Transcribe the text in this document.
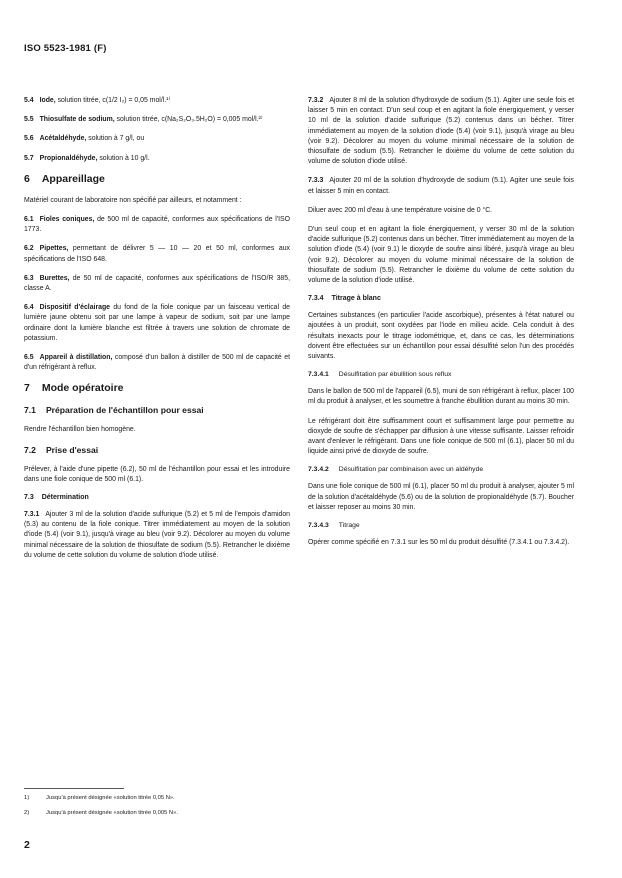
ISO 5523-1981 (F)

5.4 Iode, solution titrée, c(1/2 I₂) = 0,05 mol/l.¹⁾

5.5 Thiosulfate de sodium, solution titrée, c(Na₂S₂O₃.5H₂O) = 0,005 mol/l.²⁾

5.6 Acétaldéhyde, solution à 7 g/l, ou

5.7 Propionaldéhyde, solution à 10 g/l.

6 Appareillage

Matériel courant de laboratoire non spécifié par ailleurs, et notamment :

6.1 Fioles coniques, de 500 ml de capacité, conformes aux spécifications de l'ISO 1773.

6.2 Pipettes, permettant de délivrer 5 — 10 — 20 et 50 ml, conformes aux spécifications de l'ISO 648.

6.3 Burettes, de 50 ml de capacité, conformes aux spécifications de l'ISO/R 385, classe A.

6.4 Dispositif d'éclairage du fond de la fiole conique par un faisceau vertical de lumière jaune obtenu soit par une lampe à vapeur de sodium, soit par une lampe ordinaire dont la lumière blanche est filtrée à travers une solution de chromate de potassium.

6.5 Appareil à distillation, composé d'un ballon à distiller de 500 ml de capacité et d'un réfrigérant à reflux.

7 Mode opératoire
7.1 Préparation de l'échantillon pour essai

Rendre l'échantillon bien homogène.

7.2 Prise d'essai

Prélever, à l'aide d'une pipette (6.2), 50 ml de l'échantillon pour essai et les introduire dans une fiole conique de 500 ml (6.1).

7.3 Détermination

7.3.1 Ajouter 3 ml de la solution d'acide sulfurique (5.2) et 5 ml de l'empois d'amidon (5.3) au contenu de la fiole conique. Titrer immédiatement au moyen de la solution d'iode (5.4) (voir 9.1), jusqu'à virage au bleu (voir 9.2). Décolorer au moyen du volume minimal nécessaire de la solution de thiosulfate de sodium (5.5). Retrancher le dixième du volume de cette solution du volume de solution d'iode utilisé.

7.3.2 Ajouter 8 ml de la solution d'hydroxyde de sodium (5.1). Agiter une seule fois et laisser 5 min en contact. D'un seul coup et en agitant la fiole énergiquement, y verser 10 ml de la solution d'acide sulfurique (5.2) contenus dans un bécher. Titrer immédiatement au moyen de la solution d'iode (5.4) (voir 9.1), jusqu'à virage au bleu (voir 9.2). Décolorer au moyen du volume minimal nécessaire de la solution de thiosulfate de sodium (5.5). Retrancher le dixième du volume de cette solution du volume de solution d'iode utilisé.

7.3.3 Ajouter 20 ml de la solution d'hydroxyde de sodium (5.1). Agiter une seule fois et laisser 5 min en contact.

Diluer avec 200 ml d'eau à une température voisine de 0 °C.

D'un seul coup et en agitant la fiole énergiquement, y verser 30 ml de la solution d'acide sulfurique (5.2) contenus dans un bécher. Titrer immédiatement au moyen de la solution d'iode (5.4) (voir 9.1) le dioxyde de soufre ainsi libéré, jusqu'à virage au bleu (voir 9.2). Décolorer au moyen du volume minimal nécessaire de la solution de thiosulfate de sodium (5.5). Retrancher le dixième du volume de cette solution du volume de la solution d'iode utilisé.

7.3.4 Titrage à blanc

Certaines substances (en particulier l'acide ascorbique), présentes à l'état naturel ou ajoutées à un produit, sont oxydées par l'iode en milieu acide. Cela conduit à des résultats inexacts pour le titrage iodométrique, et, dans ce cas, les déterminations doivent être effectuées sur un échantillon pour essai désulfité selon l'un des procédés suivants.

7.3.4.1 Désulfitation par ébullition sous reflux

Dans le ballon de 500 ml de l'appareil (6.5), muni de son réfrigérant à reflux, placer 100 ml du produit à analyser, et les soumettre à franche ébullition durant au moins 30 min.

Le réfrigérant doit être suffisamment court et suffisamment large pour permettre au dioxyde de soufre de s'échapper par diffusion à une vitesse suffisante. Laisser refroidir avant d'enlever le réfrigérant. Dans une fiole conique de 500 ml (6.1), placer 50 ml du liquide ainsi privé de dioxyde de soufre.

7.3.4.2 Désulfitation par combinaison avec un aldéhyde

Dans une fiole conique de 500 ml (6.1), placer 50 ml du produit à analyser, ajouter 5 ml de la solution d'acétaldéhyde (5.6) ou de la solution de propionaldéhyde (5.7). Boucher et laisser reposer au moins 30 min.

7.3.4.3 Titrage

Opérer comme spécifié en 7.3.1 sur les 50 ml du produit désulfité (7.3.4.1 ou 7.3.4.2).

1)	Jusqu'à présent désignée «solution titrée 0,05 N».
2)	Jusqu'à présent désignée «solution titrée 0,005 N».
2
